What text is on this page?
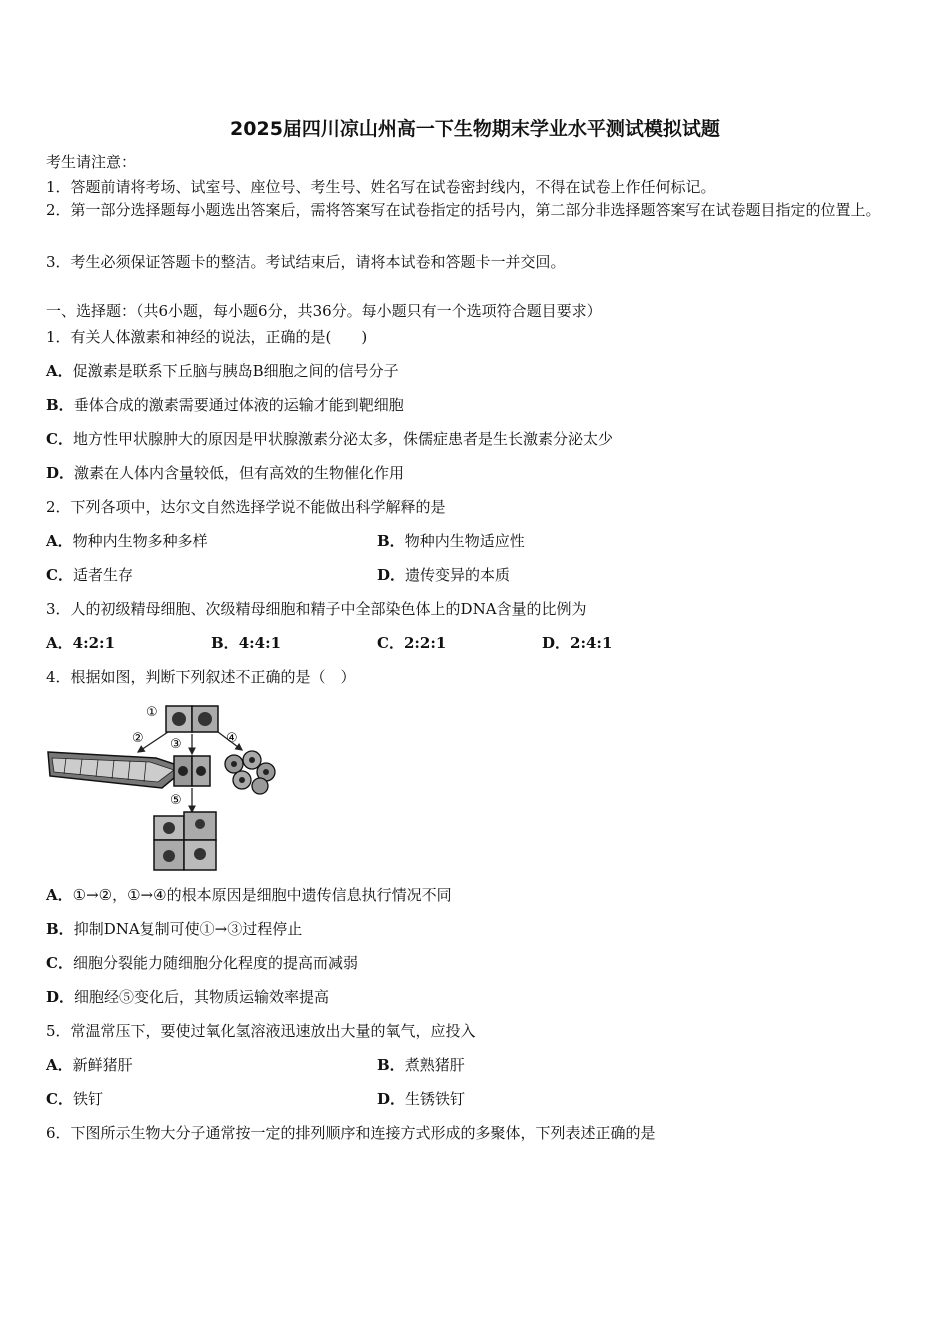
2025届四川凉山州高一下生物期末学业水平测试模拟试题
考生请注意：
1．答题前请将考场、试室号、座位号、考生号、姓名写在试卷密封线内，不得在试卷上作任何标记。
2．第一部分选择题每小题选出答案后，需将答案写在试卷指定的括号内，第二部分非选择题答案写在试卷题目指定的位置上。
3．考生必须保证答题卡的整洁。考试结束后，请将本试卷和答题卡一并交回。
一、选择题：（共6小题，每小题6分，共36分。每小题只有一个选项符合题目要求）
1．有关人体激素和神经的说法，正确的是(　　)
A．促激素是联系下丘脑与胰岛B细胞之间的信号分子
B．垂体合成的激素需要通过体液的运输才能到靶细胞
C．地方性甲状腺肿大的原因是甲状腺激素分泌太多，侏儒症患者是生长激素分泌太少
D．激素在人体内含量较低，但有高效的生物催化作用
2．下列各项中，达尔文自然选择学说不能做出科学解释的是
A．物种内生物多种多样	B．物种内生物适应性
C．适者生存	D．遗传变异的本质
3．人的初级精母细胞、次级精母细胞和精子中全部染色体上的DNA含量的比例为
A．4:2:1	B．4:4:1	C．2:2:1	D．2:4:1
4．根据如图，判断下列叙述不正确的是（　）
①
② ③	④
⑤
A．①→②，①→④的根本原因是细胞中遗传信息执行情况不同
B．抑制DNA复制可使①→③过程停止
C．细胞分裂能力随细胞分化程度的提高而减弱
D．细胞经⑤变化后，其物质运输效率提高
5．常温常压下，要使过氧化氢溶液迅速放出大量的氧气，应投入
A．新鲜猪肝	B．煮熟猪肝
C．铁钉	D．生锈铁钉
6．下图所示生物大分子通常按一定的排列顺序和连接方式形成的多聚体，下列表述正确的是
